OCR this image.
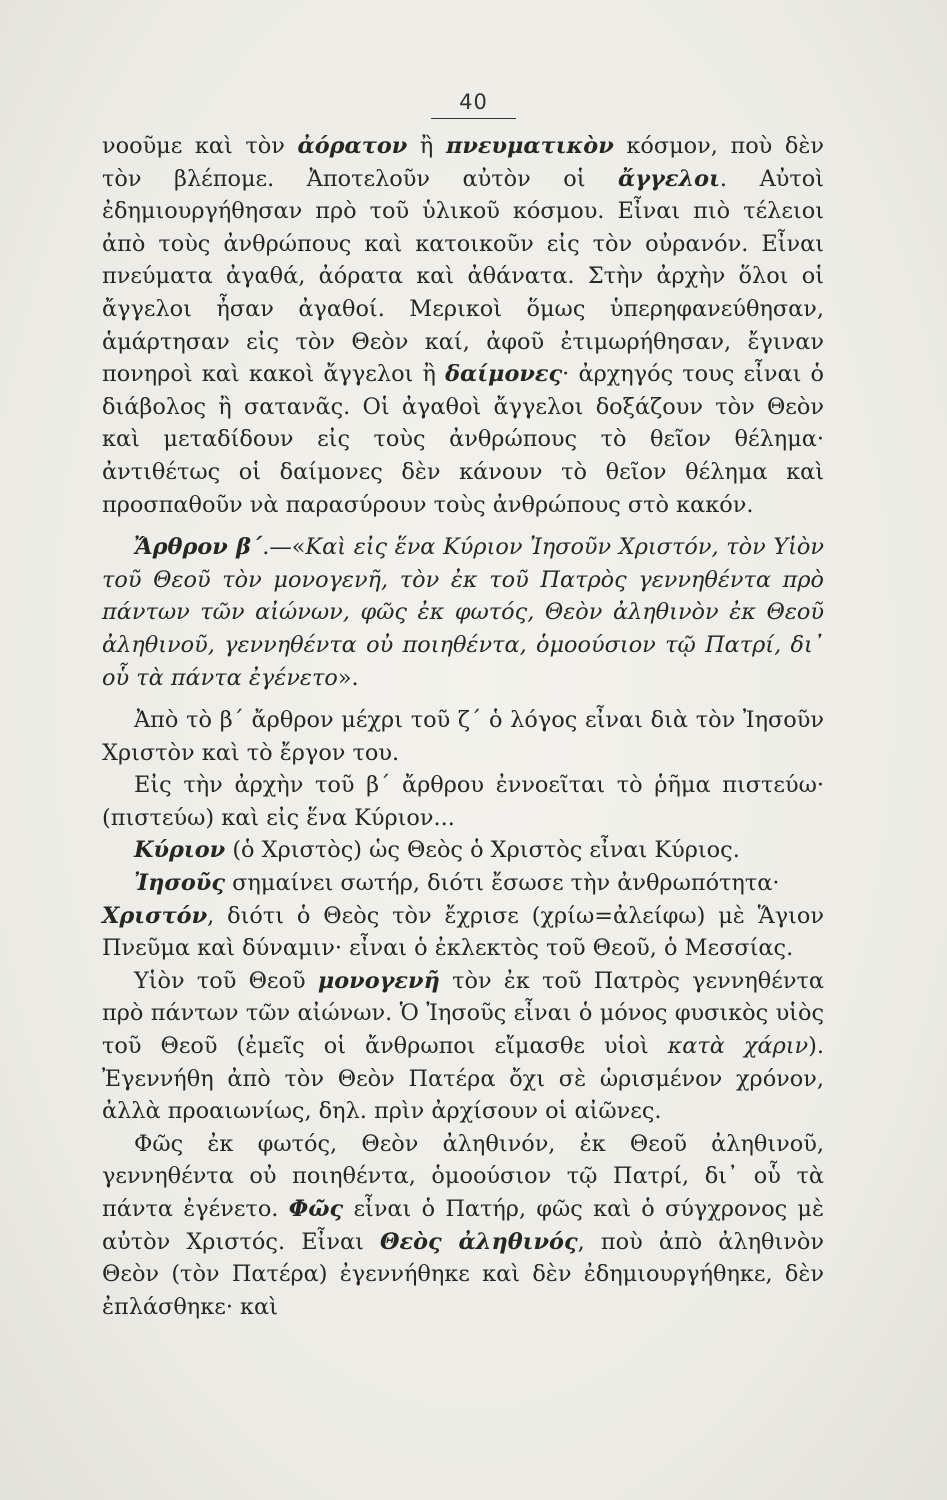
40

νοοῦμε καὶ τὸν ἀόρατον ἢ πνευματικὸν κόσμον, ποὺ δὲν τὸν βλέπομε. Ἀποτελοῦν αὐτὸν οἱ ἄγγελοι. Αὐτοὶ ἐδημιουργήθησαν πρὸ τοῦ ὑλικοῦ κόσμου. Εἶναι πιὸ τέλειοι ἀπὸ τοὺς ἀνθρώπους καὶ κατοικοῦν εἰς τὸν οὐρανόν. Εἶναι πνεύματα ἀγαθά, ἀόρατα καὶ ἀθάνατα. Στὴν ἀρχὴν ὅλοι οἱ ἄγγελοι ἦσαν ἀγαθοί. Μερικοὶ ὅμως ὑπερηφανεύθησαν, ἁμάρτησαν εἰς τὸν Θεὸν καί, ἀφοῦ ἐτιμωρήθησαν, ἔγιναν πονηροὶ καὶ κακοὶ ἄγγελοι ἢ δαίμονες· ἀρχηγός τους εἶναι ὁ διάβολος ἢ σατανᾶς. Οἱ ἀγαθοὶ ἄγγελοι δοξάζουν τὸν Θεὸν καὶ μεταδίδουν εἰς τοὺς ἀνθρώπους τὸ θεῖον θέλημα· ἀντιθέτως οἱ δαίμονες δὲν κάνουν τὸ θεῖον θέλημα καὶ προσπαθοῦν νὰ παρασύρουν τοὺς ἀνθρώπους στὸ κακόν.

Ἄρθρον β΄.—«Καὶ εἰς ἕνα Κύριον Ἰησοῦν Χριστόν, τὸν Υἱὸν τοῦ Θεοῦ τὸν μονογενῆ, τὸν ἐκ τοῦ Πατρὸς γεννηθέντα πρὸ πάντων τῶν αἰώνων, φῶς ἐκ φωτός, Θεὸν ἀληθινὸν ἐκ Θεοῦ ἀληθινοῦ, γεννηθέντα οὐ ποιηθέντα, ὁμοούσιον τῷ Πατρί, δι᾿ οὗ τὰ πάντα ἐγένετο».

Ἀπὸ τὸ β΄ ἄρθρον μέχρι τοῦ ζ΄ ὁ λόγος εἶναι διὰ τὸν Ἰησοῦν Χριστὸν καὶ τὸ ἔργον του.

Εἰς τὴν ἀρχὴν τοῦ β΄ ἄρθρου ἐννοεῖται τὸ ῥῆμα πιστεύω· (πιστεύω) καὶ εἰς ἕνα Κύριον...

Κύριον (ὁ Χριστὸς) ὡς Θεὸς ὁ Χριστὸς εἶναι Κύριος.

Ἰησοῦς σημαίνει σωτήρ, διότι ἔσωσε τὴν ἀνθρωπότητα·

Χριστόν, διότι ὁ Θεὸς τὸν ἔχρισε (χρίω=ἀλείφω) μὲ Ἅγιον Πνεῦμα καὶ δύναμιν· εἶναι ὁ ἐκλεκτὸς τοῦ Θεοῦ, ὁ Μεσσίας.

Υἱὸν τοῦ Θεοῦ μονογενῆ τὸν ἐκ τοῦ Πατρὸς γεννηθέντα πρὸ πάντων τῶν αἰώνων. Ὁ Ἰησοῦς εἶναι ὁ μόνος φυσικὸς υἱὸς τοῦ Θεοῦ (ἐμεῖς οἱ ἄνθρωποι εἴμασθε υἱοὶ κατὰ χάριν). Ἐγεννήθη ἀπὸ τὸν Θεὸν Πατέρα ὄχι σὲ ὡρισμένον χρόνον, ἀλλὰ προαιωνίως, δηλ. πρὶν ἀρχίσουν οἱ αἰῶνες.

Φῶς ἐκ φωτός, Θεὸν ἀληθινόν, ἐκ Θεοῦ ἀληθινοῦ, γεννηθέντα οὐ ποιηθέντα, ὁμοούσιον τῷ Πατρί, δι᾿ οὗ τὰ πάντα ἐγένετο. Φῶς εἶναι ὁ Πατήρ, φῶς καὶ ὁ σύγχρονος μὲ αὐτὸν Χριστός. Εἶναι Θεὸς ἀληθινός, ποὺ ἀπὸ ἀληθινὸν Θεὸν (τὸν Πατέρα) ἐγεννήθηκε καὶ δὲν ἐδημιουργήθηκε, δὲν ἐπλάσθηκε· καὶ
